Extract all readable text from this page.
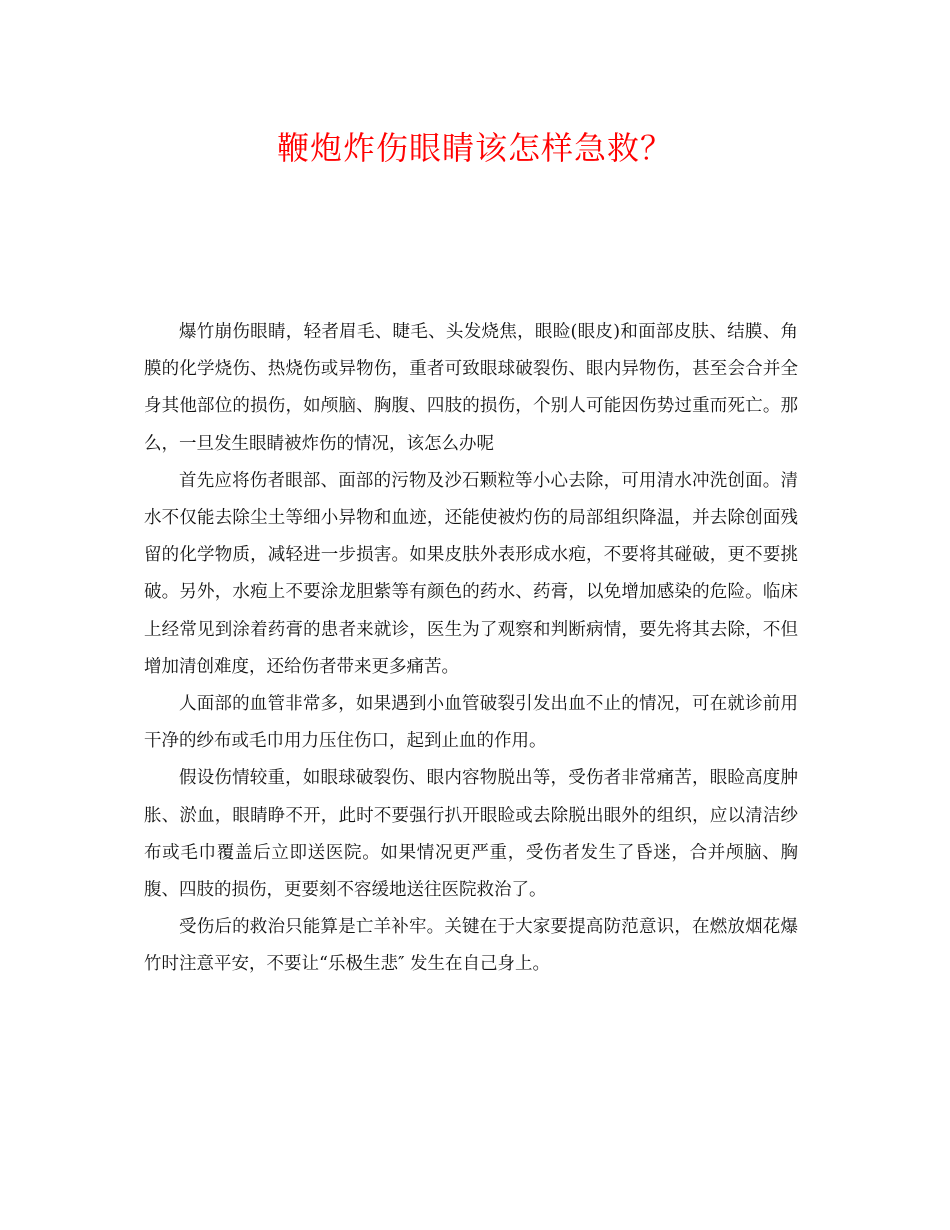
鞭炮炸伤眼睛该怎样急救？

爆竹崩伤眼睛，轻者眉毛、睫毛、头发烧焦，眼睑(眼皮)和面部皮肤、结膜、角膜的化学烧伤、热烧伤或异物伤，重者可致眼球破裂伤、眼内异物伤，甚至会合并全身其他部位的损伤，如颅脑、胸腹、四肢的损伤，个别人可能因伤势过重而死亡。那么，一旦发生眼睛被炸伤的情况，该怎么办呢

首先应将伤者眼部、面部的污物及沙石颗粒等小心去除，可用清水冲洗创面。清水不仅能去除尘土等细小异物和血迹，还能使被灼伤的局部组织降温，并去除创面残留的化学物质，减轻进一步损害。如果皮肤外表形成水疱，不要将其碰破，更不要挑破。另外，水疱上不要涂龙胆紫等有颜色的药水、药膏，以免增加感染的危险。临床上经常见到涂着药膏的患者来就诊，医生为了观察和判断病情，要先将其去除，不但增加清创难度，还给伤者带来更多痛苦。

人面部的血管非常多，如果遇到小血管破裂引发出血不止的情况，可在就诊前用干净的纱布或毛巾用力压住伤口，起到止血的作用。

假设伤情较重，如眼球破裂伤、眼内容物脱出等，受伤者非常痛苦，眼睑高度肿胀、淤血，眼睛睁不开，此时不要强行扒开眼睑或去除脱出眼外的组织，应以清洁纱布或毛巾覆盖后立即送医院。如果情况更严重，受伤者发生了昏迷，合并颅脑、胸腹、四肢的损伤，更要刻不容缓地送往医院救治了。

受伤后的救治只能算是亡羊补牢。关键在于大家要提高防范意识，在燃放烟花爆竹时注意平安，不要让“乐极生悲″ 发生在自己身上。
